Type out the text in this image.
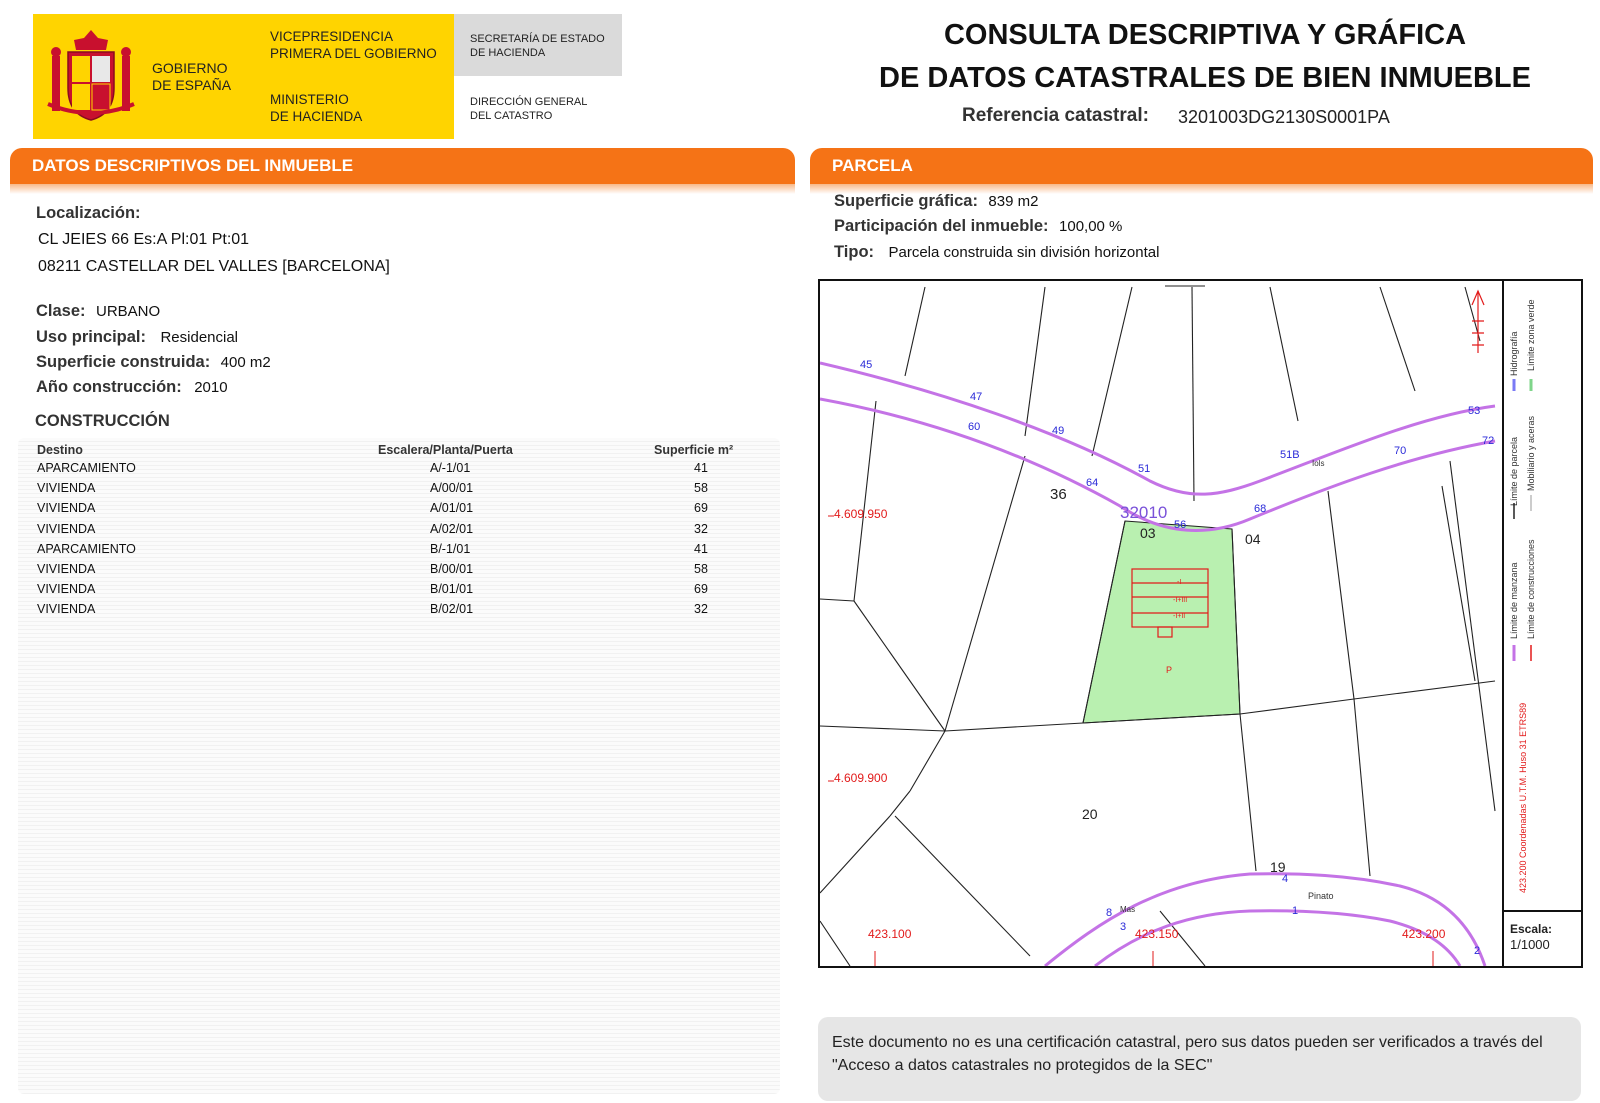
GOBIERNO
DE ESPAÑA
VICEPRESIDENCIA
PRIMERA DEL GOBIERNO
MINISTERIO
DE HACIENDA
SECRETARÍA DE ESTADO
DE HACIENDA
DIRECCIÓN GENERAL
DEL CATASTRO
CONSULTA DESCRIPTIVA Y GRÁFICA
DE DATOS CATASTRALES DE BIEN INMUEBLE
Referencia catastral: 3201003DG2130S0001PA
DATOS DESCRIPTIVOS DEL INMUEBLE
Localización:
CL JEIES 66 Es:A Pl:01 Pt:01
08211 CASTELLAR DEL VALLES [BARCELONA]
Clase: URBANO
Uso principal: Residencial
Superficie construida: 400 m2
Año construcción: 2010
CONSTRUCCIÓN
Destino	Escalera/Planta/Puerta	Superficie m²
APARCAMIENTO	A/-1/01	41
VIVIENDA	A/00/01	58
VIVIENDA	A/01/01	69
VIVIENDA	A/02/01	32
APARCAMIENTO	B/-1/01	41
VIVIENDA	B/00/01	58
VIVIENDA	B/01/01	69
VIVIENDA	B/02/01	32
PARCELA
Superficie gráfica: 839 m2
Participación del inmueble: 100,00 %
Tipo: Parcela construida sin división horizontal
Límite de manzana
Límite de parcela
Hidrografía
Límite de construcciones
Mobiliario y aceras
Límite zona verde
423.200 Coordenadas U.T.M. Huso 31 ETRS89
36
03	04
20
19
32010
P
-I
-I+III
-I+II
4.609.950
4.609.900
423.100	423.150	423.200
45
47
60	49
64
51
56
68
51B	70
53
72
4
1
8
3
2
Iols
Pinato
Mas
Escala:
1/1000
Este documento no es una certificación catastral, pero sus datos pueden ser verificados a través del "Acceso a datos catastrales no protegidos de la SEC"
